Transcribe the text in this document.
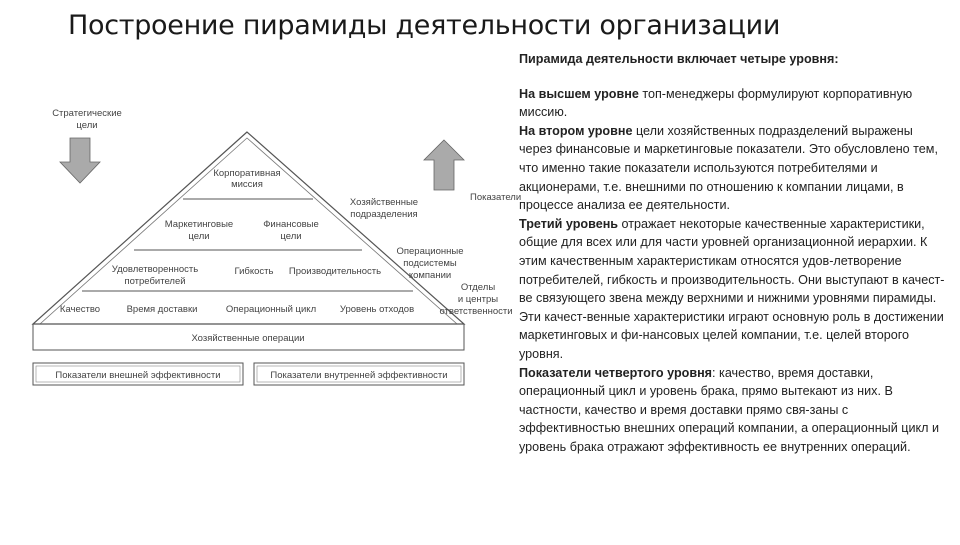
Построение пирамиды деятельности организации

Пирамида деятельности включает четыре уровня:

На высшем уровне топ-менеджеры формулируют корпоративную миссию.

На втором уровне цели хозяйственных подразделений выражены через финансовые и маркетинговые показатели. Это обусловлено тем, что именно такие показатели используются потребителями и акционерами, т.е. внешними по отношению к компании лицами, в процессе анализа ее деятельности.

Третий уровень отражает некоторые качественные характеристики, общие для всех или для части уровней организационной иерархии. К этим качественным характеристикам относятся удов-летворение потребителей, гибкость и производительность. Они выступают в качест-ве связующего звена между верхними и нижними уровнями пирамиды. Эти качест-венные характеристики играют основную роль в достижении маркетинговых и фи-нансовых целей компании, т.е. целей второго уровня.

Показатели четвертого уровня: качество, время доставки, операционный цикл и уровень брака, прямо вытекают из них. В частности, качество и время доставки прямо свя-заны с эффективностью внешних операций компании, а операционный цикл и уровень брака отражают эффективность ее внутренних операций.

Стратегические
цели
Показатели
Корпоративная
миссия
Маркетинговые
цели
Финансовые
цели
Удовлетворенность
потребителей
Гибкость Производительность
Качество	Время доставки	Операционный цикл Уровень отходов
Хозяйственные операции
Хозяйственные
подразделения
Операционные
подсистемы
компании
Отделы
и центры
ответственности
Показатели внешней эффективности	Показатели внутренней эффективности
